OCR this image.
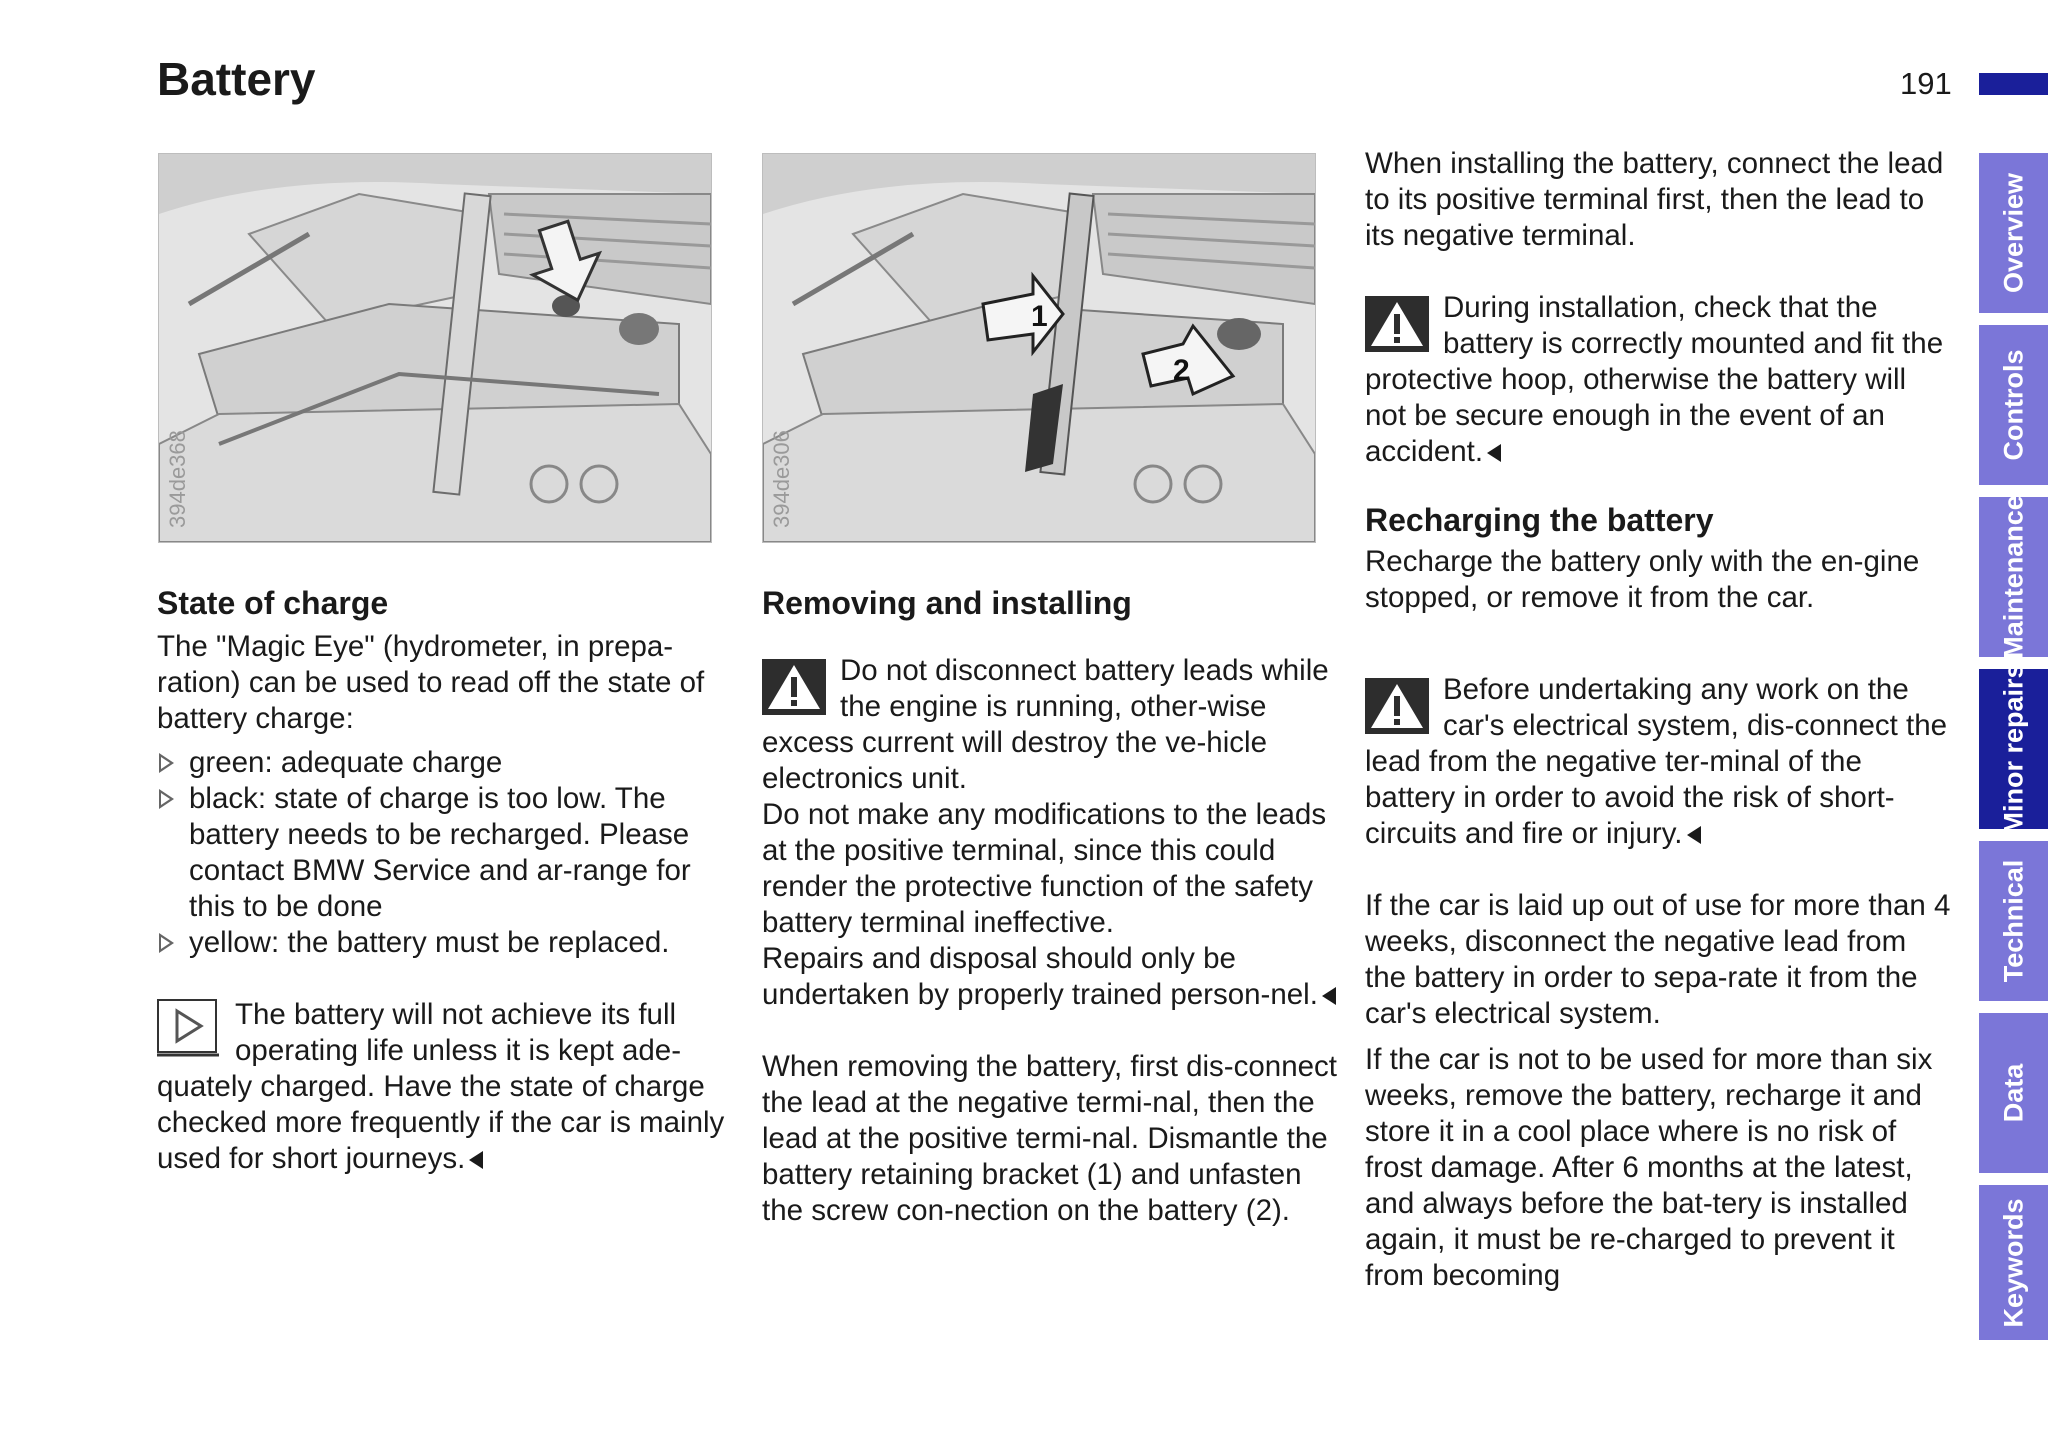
Battery	191
394de368
1
2
394de306
State of charge

The "Magic Eye" (hydrometer, in prepa-ration) can be used to read off the state of battery charge:

green: adequate charge
black: state of charge is too low. The battery needs to be recharged. Please contact BMW Service and ar-range for this to be done
yellow: the battery must be replaced.

The battery will not achieve its full operating life unless it is kept ade-quately charged. Have the state of charge checked more frequently if the car is mainly used for short journeys.

Removing and installing

Do not disconnect battery leads while the engine is running, other-wise excess current will destroy the ve-hicle electronics unit.

Do not make any modifications to the leads at the positive terminal, since this could render the protective function of the safety battery terminal ineffective.

Repairs and disposal should only be undertaken by properly trained person-nel.

When removing the battery, first dis-connect the lead at the negative termi-nal, then the lead at the positive termi-nal. Dismantle the battery retaining bracket (1) and unfasten the screw con-nection on the battery (2).

When installing the battery, connect the lead to its positive terminal first, then the lead to its negative terminal.

During installation, check that the battery is correctly mounted and fit the protective hoop, otherwise the battery will not be secure enough in the event of an accident.

Recharging the battery

Recharge the battery only with the en-gine stopped, or remove it from the car.

Before undertaking any work on the car's electrical system, dis-connect the lead from the negative ter-minal of the battery in order to avoid the risk of short-circuits and fire or injury.

If the car is laid up out of use for more than 4 weeks, disconnect the negative lead from the battery in order to sepa-rate it from the car's electrical system.

If the car is not to be used for more than six weeks, remove the battery, recharge it and store it in a cool place where is no risk of frost damage. After 6 months at the latest, and always before the bat-tery is installed again, it must be re-charged to prevent it from becoming

Overview
Controls
Maintenance
Minor repairs
Technical
Data
Keywords
